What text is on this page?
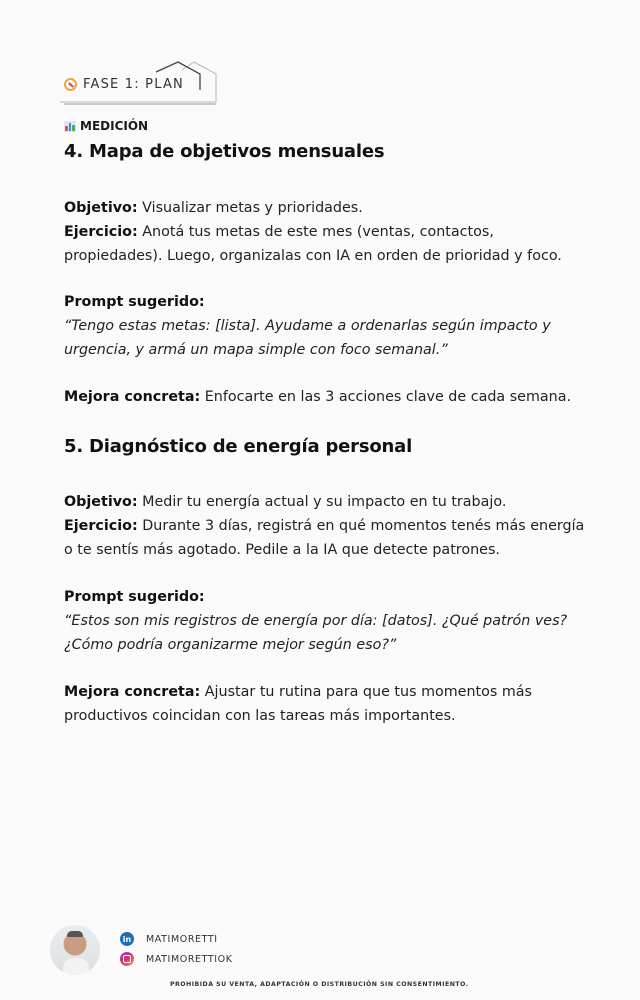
FASE 1: PLAN
MEDICIÓN
4. Mapa de objetivos mensuales
Objetivo: Visualizar metas y prioridades.
Ejercicio: Anotá tus metas de este mes (ventas, contactos, propiedades). Luego, organizalas con IA en orden de prioridad y foco.
Prompt sugerido:
“Tengo estas metas: [lista]. Ayudame a ordenarlas según impacto y urgencia, y armá un mapa simple con foco semanal.”
Mejora concreta: Enfocarte en las 3 acciones clave de cada semana.
5. Diagnóstico de energía personal
Objetivo: Medir tu energía actual y su impacto en tu trabajo.
Ejercicio: Durante 3 días, registrá en qué momentos tenés más energía o te sentís más agotado. Pedile a la IA que detecte patrones.
Prompt sugerido:
“Estos son mis registros de energía por día: [datos]. ¿Qué patrón ves? ¿Cómo podría organizarme mejor según eso?”
Mejora concreta: Ajustar tu rutina para que tus momentos más productivos coincidan con las tareas más importantes.
in MATIMORETTI
MATIMORETTIOK
PROHIBIDA SU VENTA, ADAPTACIÓN O DISTRIBUCIÓN SIN CONSENTIMIENTO.
